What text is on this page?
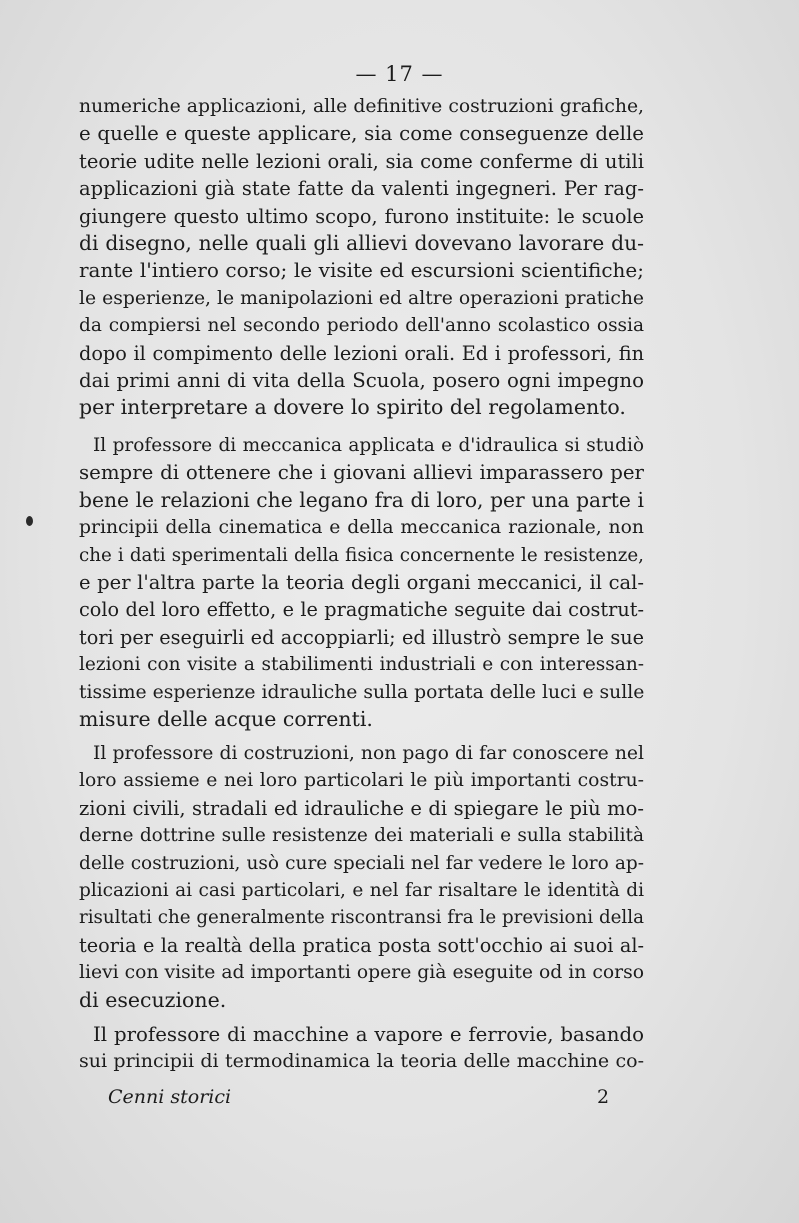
— 17 —

numeriche applicazioni, alle definitive costruzioni grafiche,
e quelle e queste applicare, sia come conseguenze delle
teorie udite nelle lezioni orali, sia come conferme di utili
applicazioni già state fatte da valenti ingegneri. Per rag-
giungere questo ultimo scopo, furono instituite: le scuole
di disegno, nelle quali gli allievi dovevano lavorare du-
rante l'intiero corso; le visite ed escursioni scientifiche;
le esperienze, le manipolazioni ed altre operazioni pratiche
da compiersi nel secondo periodo dell'anno scolastico ossia
dopo il compimento delle lezioni orali. Ed i professori, fin
dai primi anni di vita della Scuola, posero ogni impegno
per interpretare a dovere lo spirito del regolamento.

Il professore di meccanica applicata e d'idraulica si studiò
sempre di ottenere che i giovani allievi imparassero per
bene le relazioni che legano fra di loro, per una parte i
principii della cinematica e della meccanica razionale, non
che i dati sperimentali della fisica concernente le resistenze,
e per l'altra parte la teoria degli organi meccanici, il cal-
colo del loro effetto, e le pragmatiche seguite dai costrut-
tori per eseguirli ed accoppiarli; ed illustrò sempre le sue
lezioni con visite a stabilimenti industriali e con interessan-
tissime esperienze idrauliche sulla portata delle luci e sulle
misure delle acque correnti.

Il professore di costruzioni, non pago di far conoscere nel
loro assieme e nei loro particolari le più importanti costru-
zioni civili, stradali ed idrauliche e di spiegare le più mo-
derne dottrine sulle resistenze dei materiali e sulla stabilità
delle costruzioni, usò cure speciali nel far vedere le loro ap-
plicazioni ai casi particolari, e nel far risaltare le identità di
risultati che generalmente riscontransi fra le previsioni della
teoria e la realtà della pratica posta sott'occhio ai suoi al-
lievi con visite ad importanti opere già eseguite od in corso
di esecuzione.

Il professore di macchine a vapore e ferrovie, basando
sui principii di termodinamica la teoria delle macchine co-

Cenni storici	2
